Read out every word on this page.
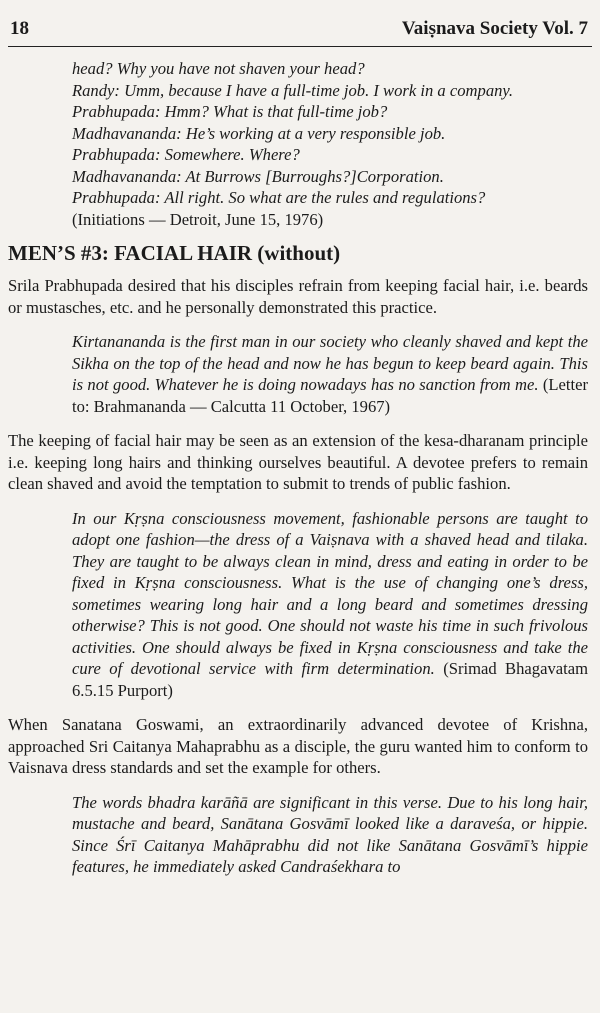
18	Vaiṣnava Society Vol. 7
head? Why you have not shaven your head?
Randy: Umm, because I have a full-time job. I work in a company.
Prabhupada: Hmm? What is that full-time job?
Madhavananda: He’s working at a very responsible job.
Prabhupada: Somewhere. Where?
Madhavananda: At Burrows [Burroughs?]Corporation.
Prabhupada: All right. So what are the rules and regulations?
(Initiations — Detroit, June 15, 1976)
MEN’S #3: FACIAL HAIR (without)
Srila Prabhupada desired that his disciples refrain from keeping facial hair, i.e. beards or mustasches, etc. and he personally demonstrated this practice.
Kirtanananda is the first man in our society who cleanly shaved and kept the Sikha on the top of the head and now he has begun to keep beard again. This is not good. Whatever he is doing nowadays has no sanction from me. (Letter to: Brahmananda — Calcutta 11 October, 1967)
The keeping of facial hair may be seen as an extension of the kesa-dharanam principle i.e. keeping long hairs and thinking ourselves beautiful. A devotee prefers to remain clean shaved and avoid the temptation to submit to trends of public fashion.
In our Kṛṣna consciousness movement, fashionable persons are taught to adopt one fashion—the dress of a Vaiṣnava with a shaved head and tilaka. They are taught to be always clean in mind, dress and eating in order to be fixed in Kṛṣna consciousness. What is the use of changing one’s dress, sometimes wearing long hair and a long beard and sometimes dressing otherwise? This is not good. One should not waste his time in such frivolous activities. One should always be fixed in Kṛṣna consciousness and take the cure of devotional service with firm determination. (Srimad Bhagavatam 6.5.15 Purport)
When Sanatana Goswami, an extraordinarily advanced devotee of Krishna, approached Sri Caitanya Mahaprabhu as a disciple, the guru wanted him to conform to Vaisnava dress standards and set the example for others.
The words bhadra karāñā are significant in this verse. Due to his long hair, mustache and beard, Sanātana Gosvāmī looked like a daraveśa, or hippie. Since Śrī Caitanya Mahāprabhu did not like Sanātana Gosvāmī’s hippie features, he immediately asked Candraśekhara to
